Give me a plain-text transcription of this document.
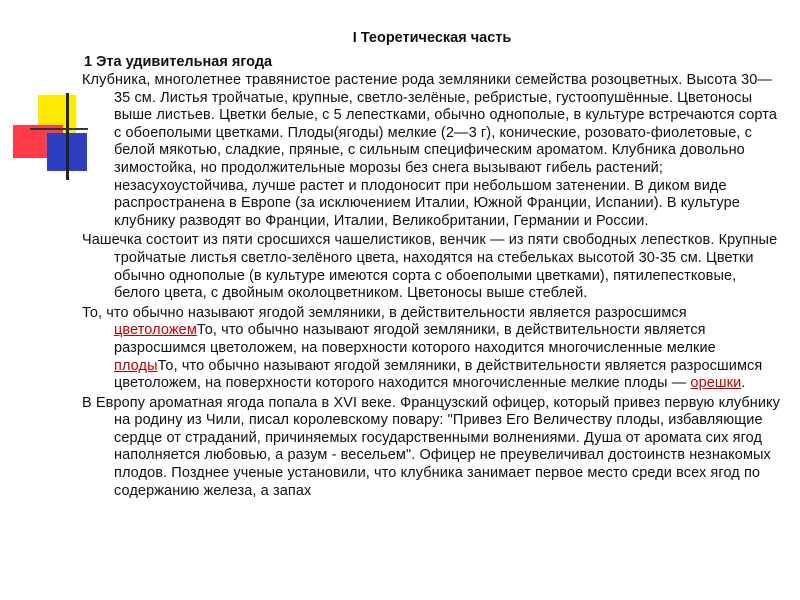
I Теоретическая часть

1 Эта удивительная ягода

Клубника, многолетнее травянистое растение рода земляники семейства розоцветных. Высота 30—35 см. Листья тройчатые, крупные, светло-зелёные, ребристые, густоопушённые. Цветоносы выше листьев. Цветки белые, с 5 лепестками, обычно однополые, в культуре встречаются сорта с обоеполыми цветками. Плоды(ягоды) мелкие (2—3 г), конические, розовато-фиолетовые, с белой мякотью, сладкие, пряные, с сильным специфическим ароматом. Клубника довольно зимостойка, но продолжительные морозы без снега вызывают гибель растений; незасухоустойчива, лучше растет и плодоносит при небольшом затенении. В диком виде распространена в Европе (за исключением Италии, Южной Франции, Испании). В культуре клубнику разводят во Франции, Италии, Великобритании, Германии и России.

Чашечка состоит из пяти сросшихся чашелистиков, венчик — из пяти свободных лепестков. Крупные тройчатые листья светло-зелёного цвета, находятся на стебельках высотой 30-35 см. Цветки обычно однополые (в культуре имеются сорта с обоеполыми цветками), пятилепестковые, белого цвета, с двойным околоцветником. Цветоносы выше стеблей.

То, что обычно называют ягодой земляники, в действительности является разросшимся цветоложемТо, что обычно называют ягодой земляники, в действительности является разросшимся цветоложем, на поверхности которого находится многочисленные мелкие плодыТо, что обычно называют ягодой земляники, в действительности является разросшимся цветоложем, на поверхности которого находится многочисленные мелкие плоды — орешки.

В Европу ароматная ягода попала в XVI веке. Французский офицер, который привез первую клубнику на родину из Чили, писал королевскому повару: "Привез Его Величеству плоды, избавляющие сердце от страданий, причиняемых государственными волнениями. Душа от аромата сих ягод наполняется любовью, а разум - весельем". Офицер не преувеличивал достоинств незнакомых плодов. Позднее ученые установили, что клубника занимает первое место среди всех ягод по содержанию железа, а запах
